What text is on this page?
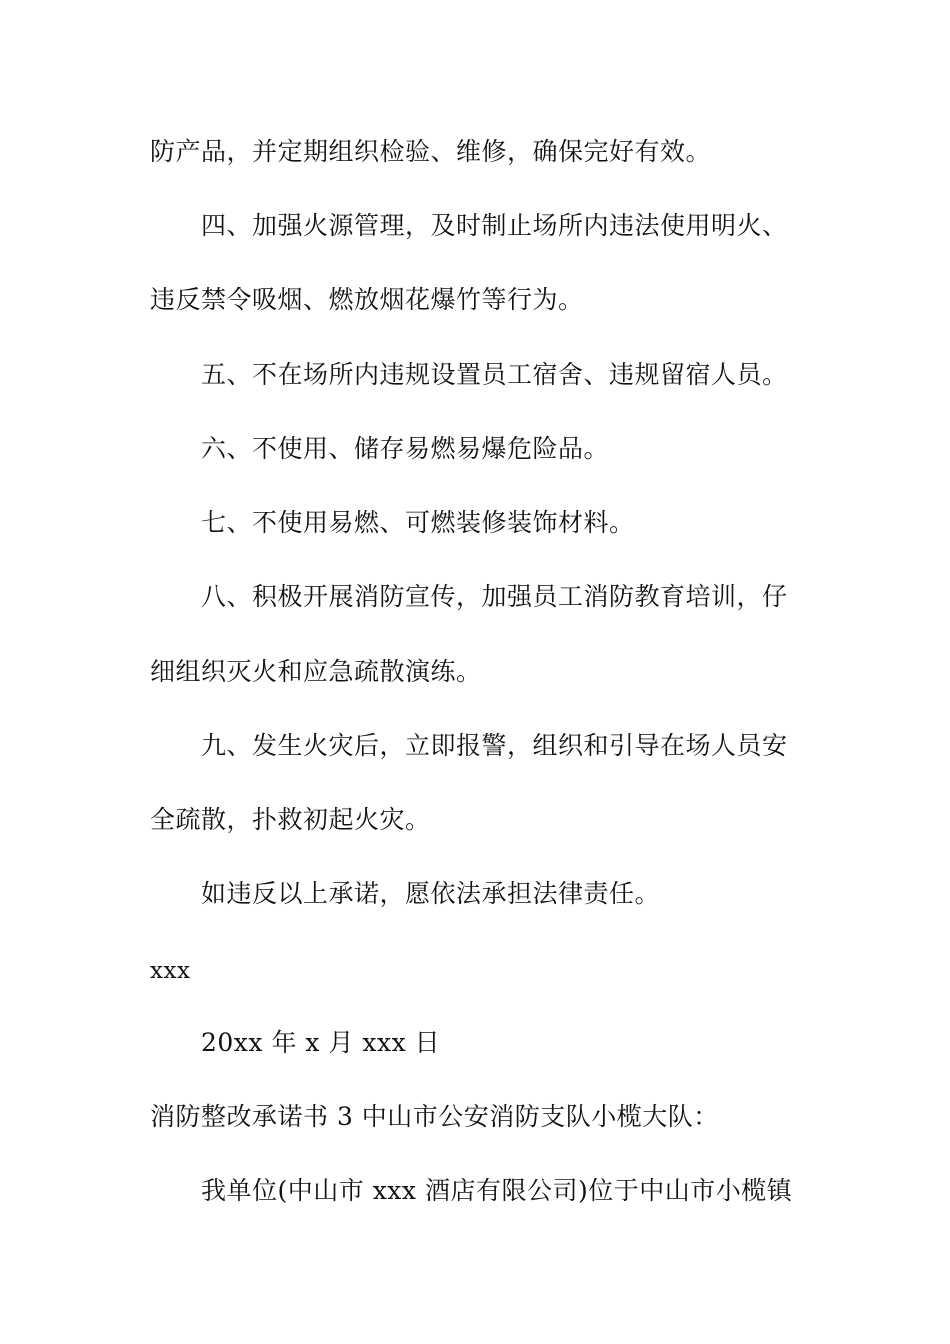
防产品，并定期组织检验、维修，确保完好有效。
四、加强火源管理，及时制止场所内违法使用明火、
违反禁令吸烟、燃放烟花爆竹等行为。
五、不在场所内违规设置员工宿舍、违规留宿人员。
六、不使用、储存易燃易爆危险品。
七、不使用易燃、可燃装修装饰材料。
八、积极开展消防宣传，加强员工消防教育培训，仔
细组织灭火和应急疏散演练。
九、发生火灾后，立即报警，组织和引导在场人员安
全疏散，扑救初起火灾。
如违反以上承诺，愿依法承担法律责任。
xxx
20xx 年 x 月 xxx 日
消防整改承诺书 3 中山市公安消防支队小榄大队：
我单位(中山市 xxx 酒店有限公司)位于中山市小榄镇
